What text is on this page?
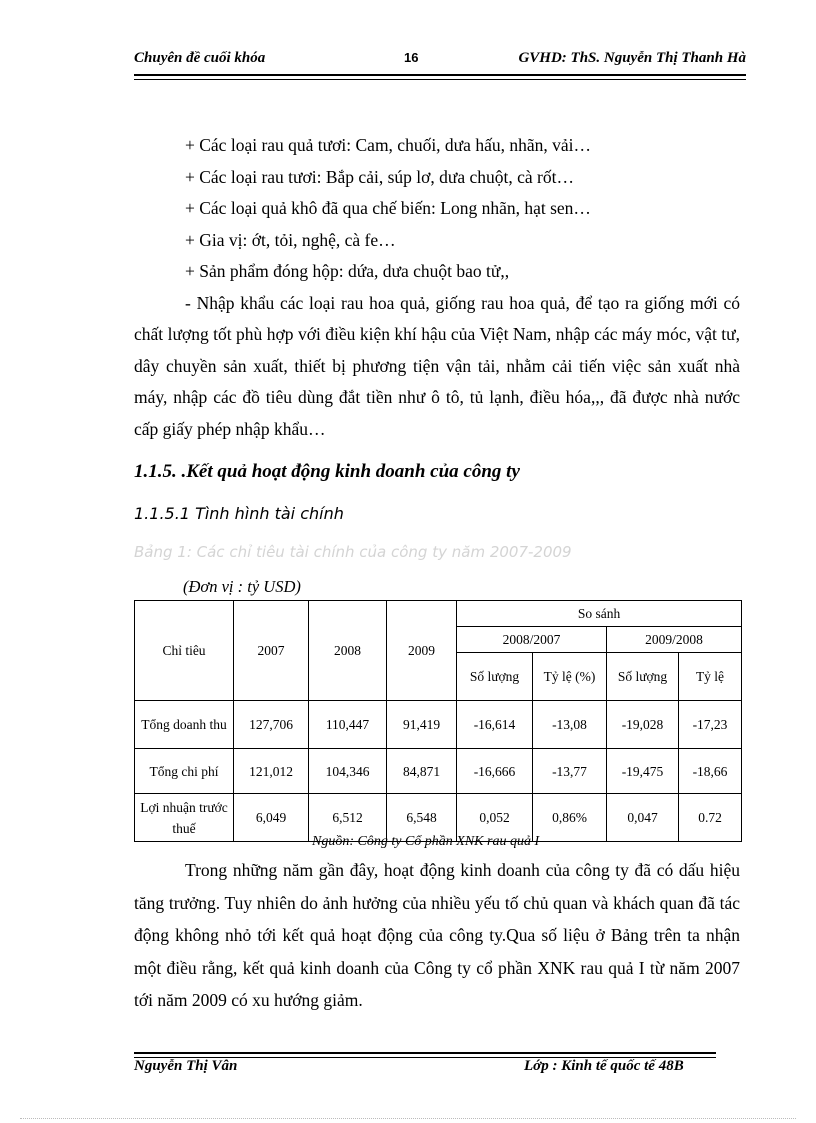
Chuyên đề cuối khóa	16	GVHD: ThS. Nguyễn Thị Thanh Hà

+ Các loại rau quả tươi: Cam, chuối, dưa hấu, nhãn, vải…

+ Các loại rau tươi: Bắp cải, súp lơ, dưa chuột, cà rốt…

+ Các loại quả khô đã qua chế biến: Long nhãn, hạt sen…

+ Gia vị: ớt, tỏi, nghệ, cà fe…

+ Sản phẩm đóng hộp: dứa, dưa chuột bao tử,,

- Nhập khẩu các loại rau hoa quả, giống rau hoa quả, để tạo ra giống mới có chất lượng tốt phù hợp với điều kiện khí hậu của Việt Nam, nhập các máy móc, vật tư, dây chuyền sản xuất, thiết bị phương tiện vận tải, nhằm cải tiến việc sản xuất nhà máy, nhập các đồ tiêu dùng đắt tiền như ô tô, tủ lạnh, điều hóa,,, đã được nhà nước cấp giấy phép nhập khẩu…

1.1.5. .Kết quả hoạt động kinh doanh của công ty
1.1.5.1 Tình hình tài chính
Bảng 1: Các chỉ tiêu tài chính của công ty năm 2007-2009
(Đơn vị : tỷ USD)
Chỉ tiêu	2007	2008	2009	So sánh			
				2008/2007		2009/2008	
				Số lượng	Tỷ lệ (%)	Số lượng	Tỷ lệ
Tổng doanh thu	127,706	110,447	91,419	-16,614	-13,08	-19,028	-17,23
Tổng chi phí	121,012	104,346	84,871	-16,666	-13,77	-19,475	-18,66
Lợi nhuận trước thuế	6,049	6,512	6,548	0,052	0,86%	0,047	0.72
Nguồn: Công ty Cổ phần XNK rau quả I

Trong những năm gần đây, hoạt động kinh doanh của công ty đã có dấu hiệu tăng trưởng. Tuy nhiên do ảnh hưởng của nhiều yếu tố chủ quan và khách quan đã tác động không nhỏ tới kết quả hoạt động của công ty.Qua số liệu ở Bảng trên ta nhận một điều rằng, kết quả kinh doanh của Công ty cổ phần XNK rau quả I từ năm 2007 tới năm 2009 có xu hướng giảm.

Nguyễn Thị Vân	Lớp : Kinh tế quốc tế 48B
